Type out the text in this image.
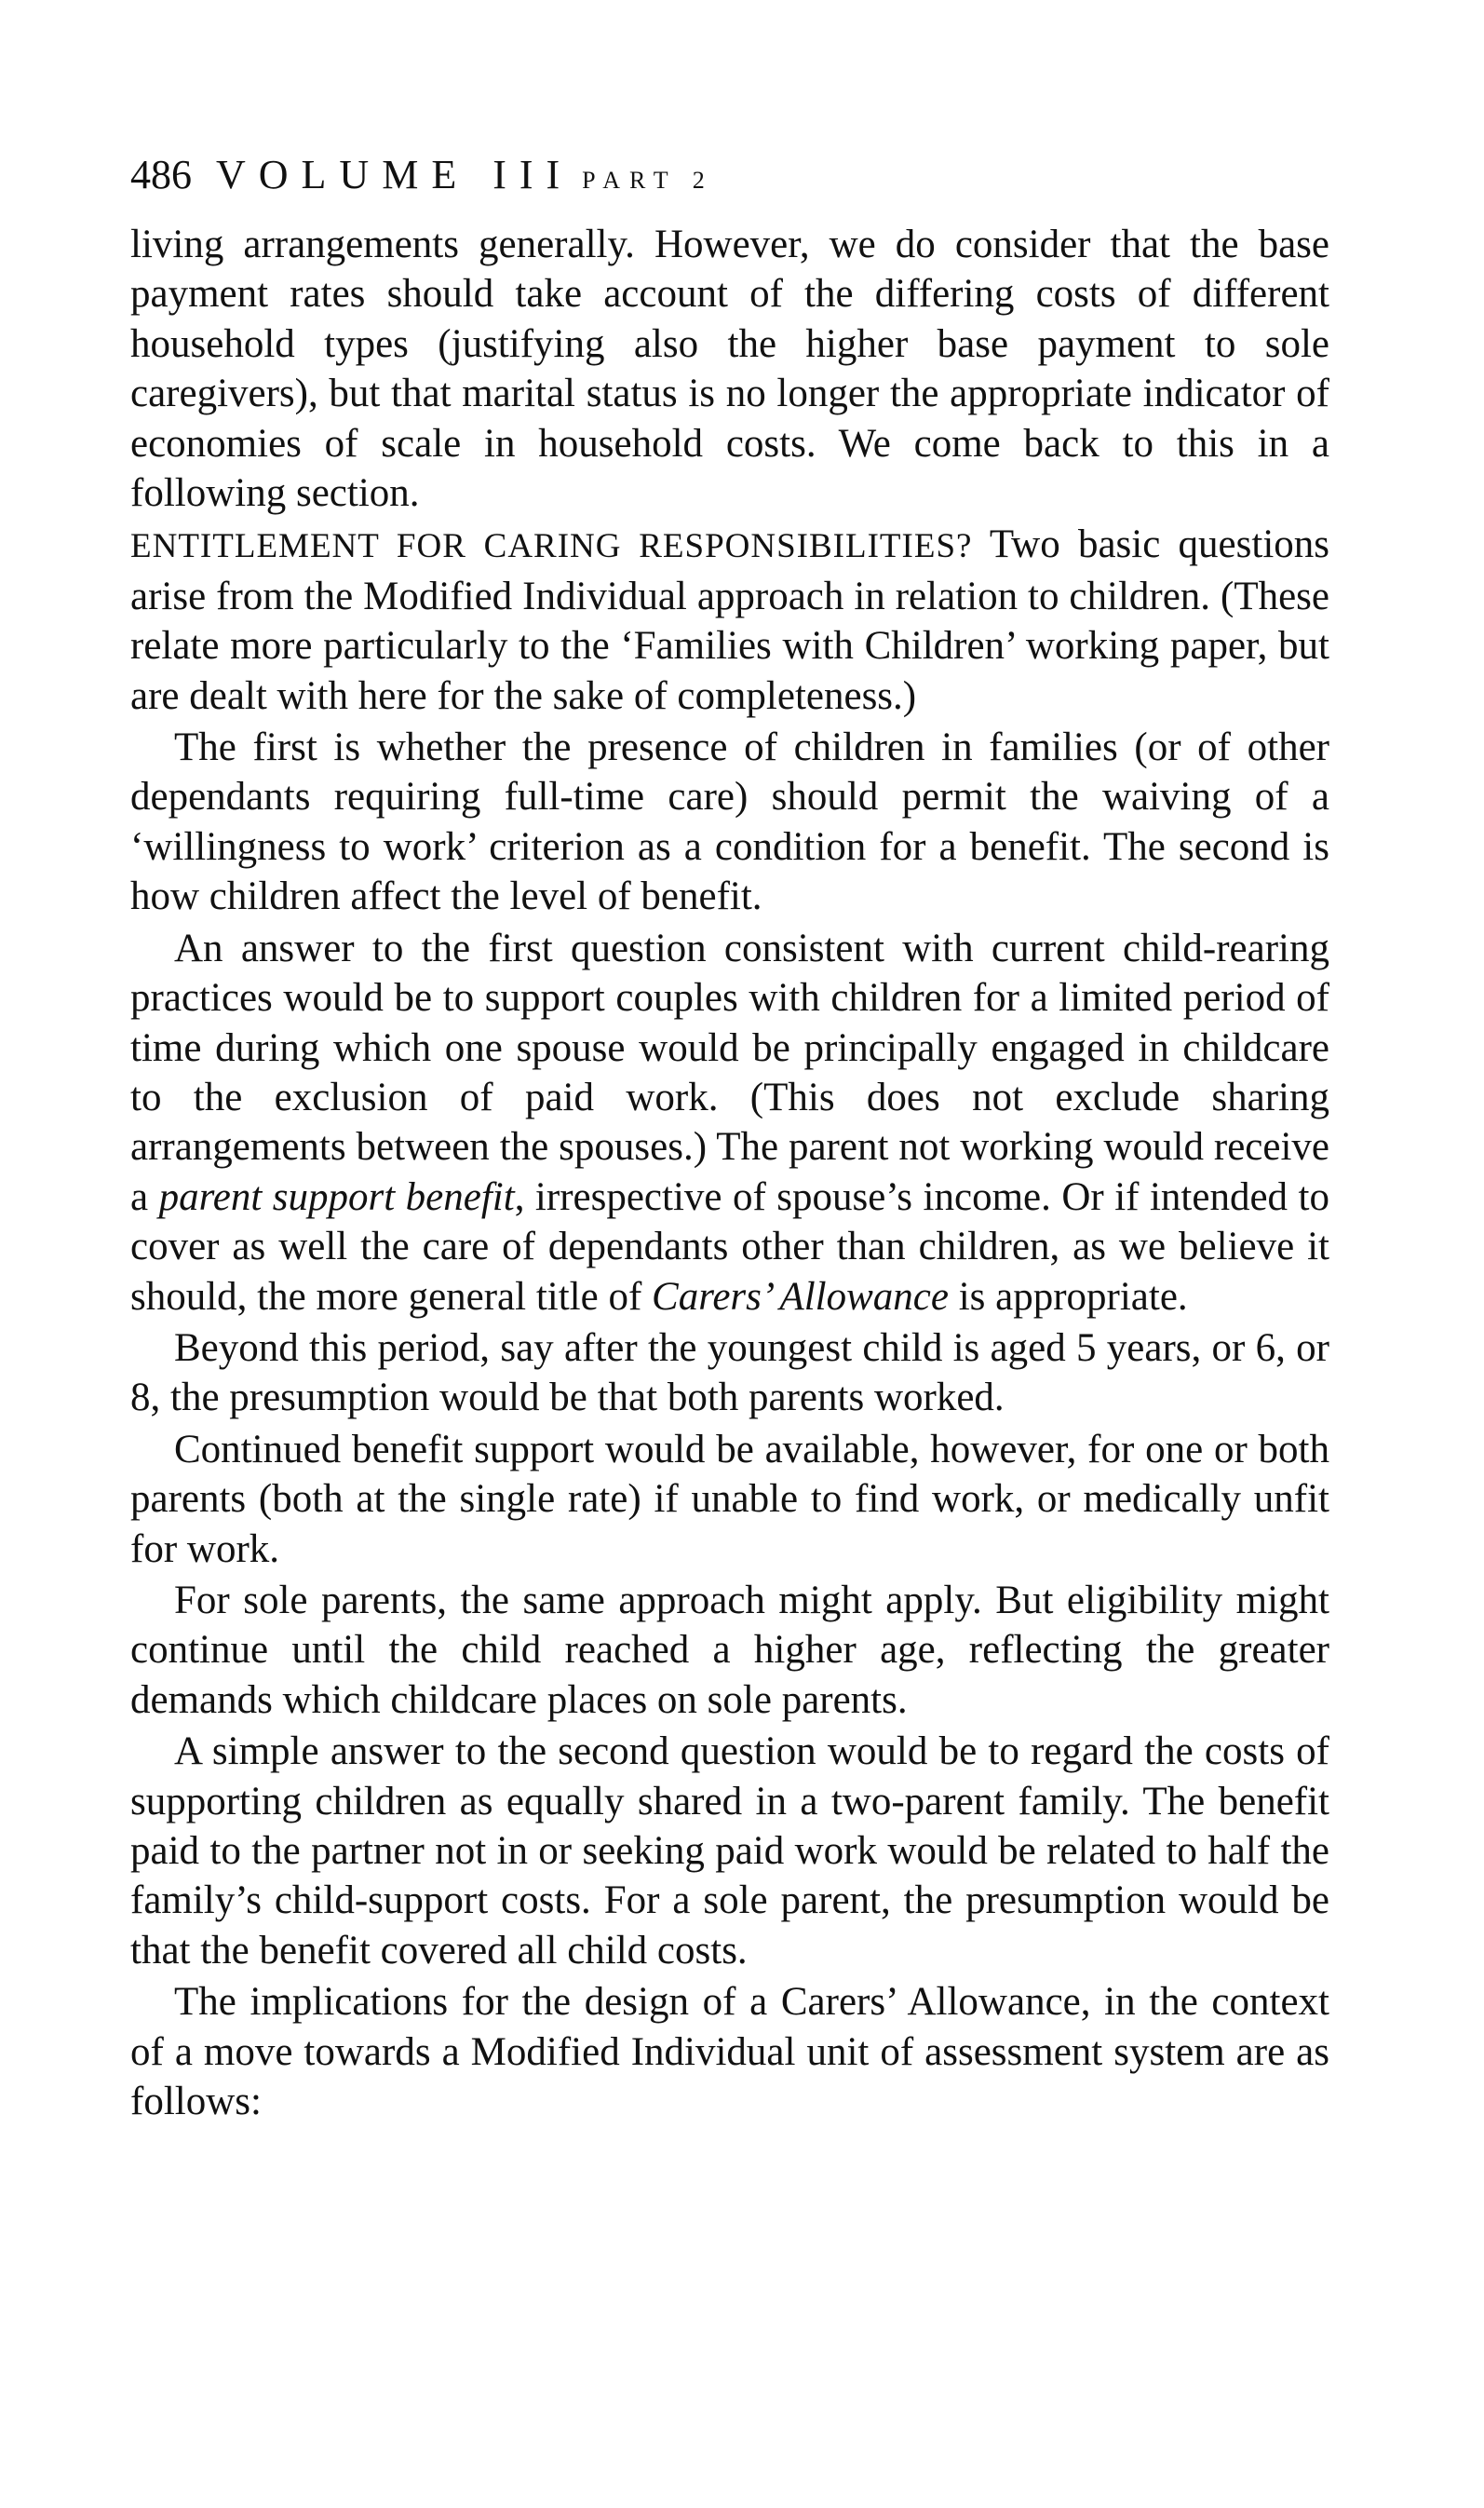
486 VOLUME III PART 2

living arrangements generally. However, we do consider that the base payment rates should take account of the differing costs of different household types (justifying also the higher base payment to sole caregivers), but that marital status is no longer the appropriate indicator of economies of scale in household costs. We come back to this in a following section.

ENTITLEMENT FOR CARING RESPONSIBILITIES? Two basic questions arise from the Modified Individual approach in relation to children. (These relate more particularly to the ‘Families with Children’ working paper, but are dealt with here for the sake of completeness.)

The first is whether the presence of children in families (or of other dependants requiring full-time care) should permit the waiving of a ‘willingness to work’ criterion as a condition for a benefit. The second is how children affect the level of benefit.

An answer to the first question consistent with current child-rearing practices would be to support couples with children for a limited period of time during which one spouse would be principally engaged in childcare to the exclusion of paid work. (This does not exclude sharing arrangements between the spouses.) The parent not working would receive a parent support benefit, irrespective of spouse’s income. Or if intended to cover as well the care of dependants other than children, as we believe it should, the more general title of Carers’ Allowance is appropriate.

Beyond this period, say after the youngest child is aged 5 years, or 6, or 8, the presumption would be that both parents worked.

Continued benefit support would be available, however, for one or both parents (both at the single rate) if unable to find work, or medically unfit for work.

For sole parents, the same approach might apply. But eligibility might continue until the child reached a higher age, reflecting the greater demands which childcare places on sole parents.

A simple answer to the second question would be to regard the costs of supporting children as equally shared in a two-parent family. The benefit paid to the partner not in or seeking paid work would be related to half the family’s child-support costs. For a sole parent, the presumption would be that the benefit covered all child costs.

The implications for the design of a Carers’ Allowance, in the context of a move towards a Modified Individual unit of assessment system are as follows:
